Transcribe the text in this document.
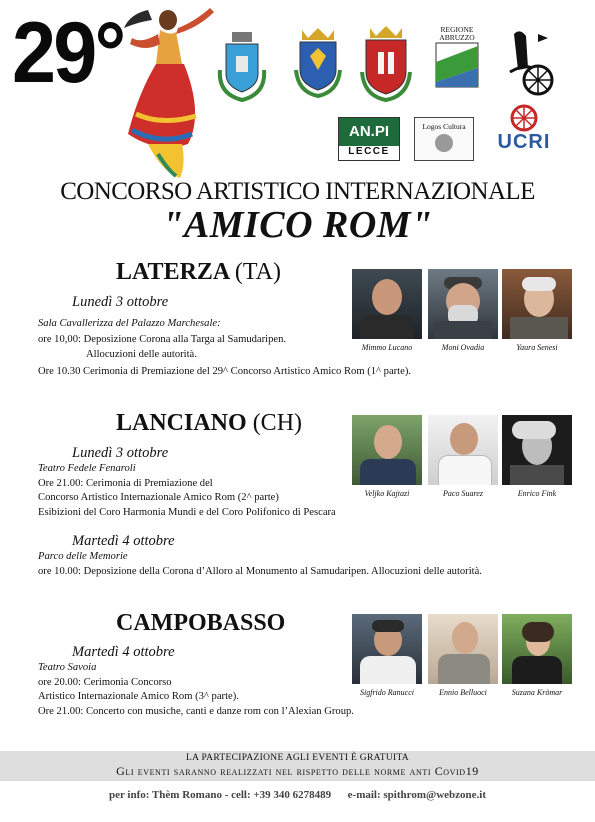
29°	REGIONE ABRUZZO
AN.PI
LECCE
Logos Cultura
UCRI
CONCORSO ARTISTICO INTERNAZIONALE
"AMICO ROM"
LATERZA (TA)
Lunedì 3 ottobre
Sala Cavallerizza del Palazzo Marchesale:
ore 10,00: Deposizione Corona alla Targa al Samudaripen.
Allocuzioni delle autorità.
Ore 10.30 Cerimonia di Premiazione del 29^ Concorso Artistico Amico Rom (1^ parte).
Mimmo Lucano	Moni Ovadia	Yaura Senesi
LANCIANO (CH)
Lunedì 3 ottobre
Teatro Fedele Fenaroli
Ore 21.00: Cerimonia di Premiazione del
Concorso Artistico Internazionale Amico Rom (2^ parte)
Esibizioni del Coro Harmonia Mundi e del Coro Polifonico di Pescara
Martedì 4 ottobre
Parco delle Memorie
ore 10.00: Deposizione della Corona d’Alloro al Monumento al Samudaripen. Allocuzioni delle autorità.
Veljko Kajtazi	Paco Suarez	Enrico Fink
CAMPOBASSO
Martedì 4 ottobre
Teatro Savoia
ore 20.00: Cerimonia Concorso
Artistico Internazionale Amico Rom (3^ parte).
Ore 21.00: Concerto con musiche, canti e danze rom con l’Alexian Group.
Sigfrido Ranucci	Ennio Belluoci	Suzana Krömar
LA PARTECIPAZIONE AGLI EVENTI È GRATUITA
Gli eventi saranno realizzati nel rispetto delle norme anti Covid19
per info: Thèm Romano - cell: +39 340 6278489      e-mail: spithrom@webzone.it
